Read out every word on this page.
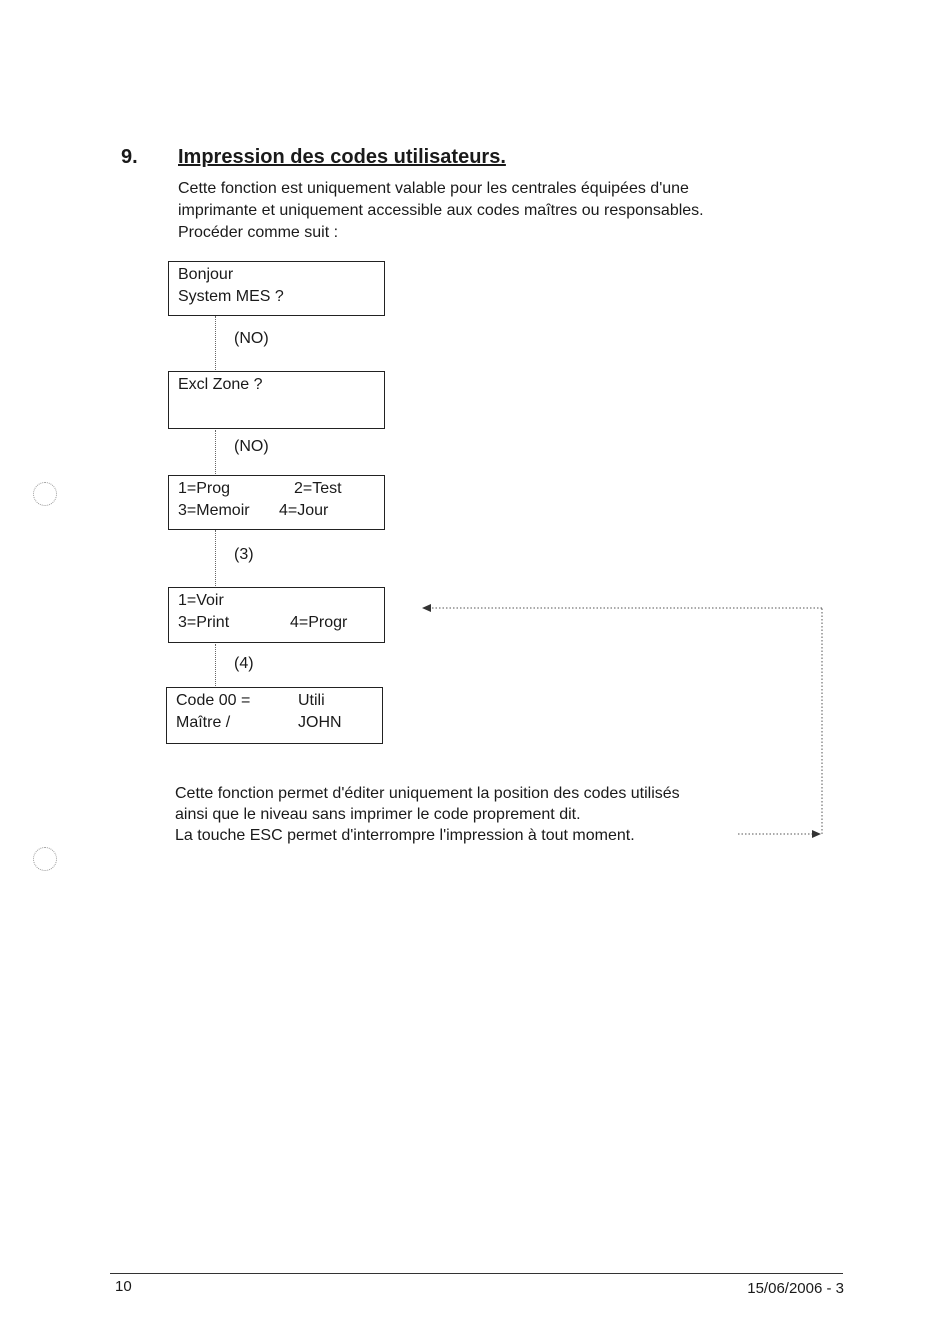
9. Impression des codes utilisateurs.
Cette fonction est uniquement valable pour les centrales équipées d'une
imprimante et uniquement accessible aux codes maîtres ou responsables.
Procéder comme suit :
Bonjour
System MES ?
(NO)
Excl Zone ?
(NO)
1=Prog	2=Test
3=Memoir 4=Jour
(3)
1=Voir
3=Print	4=Progr
(4)
Code 00 =	Utili
Maître /	JOHN
Cette fonction permet d'éditer uniquement la position des codes utilisés
ainsi que le niveau sans imprimer le code proprement dit.
La touche ESC permet d'interrompre l'impression à tout moment.
10	15/06/2006 - 3
